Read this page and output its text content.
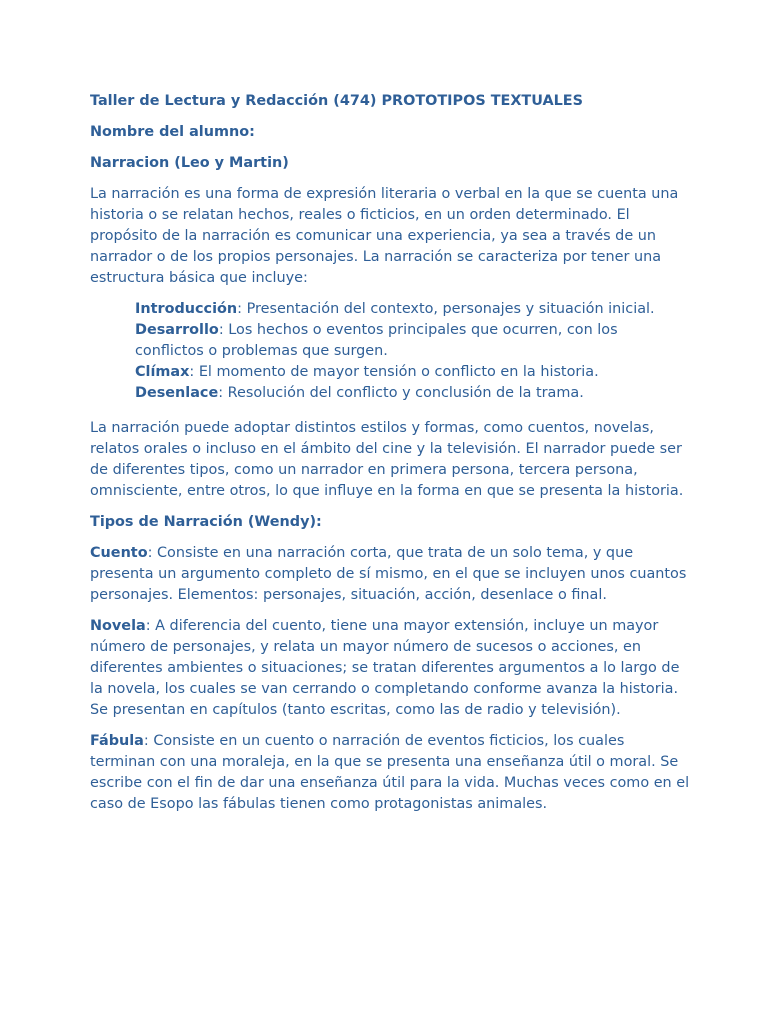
Taller de Lectura y Redacción (474) PROTOTIPOS TEXTUALES
Nombre del alumno:
Narracion (Leo y Martin)

La narración es una forma de expresión literaria o verbal en la que se cuenta una historia o se relatan hechos, reales o ficticios, en un orden determinado. El propósito de la narración es comunicar una experiencia, ya sea a través de un narrador o de los propios personajes. La narración se caracteriza por tener una estructura básica que incluye:

Introducción: Presentación del contexto, personajes y situación inicial.
Desarrollo: Los hechos o eventos principales que ocurren, con los conflictos o problemas que surgen.
Clímax: El momento de mayor tensión o conflicto en la historia.
Desenlace: Resolución del conflicto y conclusión de la trama.

La narración puede adoptar distintos estilos y formas, como cuentos, novelas, relatos orales o incluso en el ámbito del cine y la televisión. El narrador puede ser de diferentes tipos, como un narrador en primera persona, tercera persona, omnisciente, entre otros, lo que influye en la forma en que se presenta la historia.

Tipos de Narración (Wendy):

Cuento: Consiste en una narración corta, que trata de un solo tema, y que presenta un argumento completo de sí mismo, en el que se incluyen unos cuantos personajes. Elementos: personajes, situación, acción, desenlace o final.

Novela: A diferencia del cuento, tiene una mayor extensión, incluye un mayor número de personajes, y relata un mayor número de sucesos o acciones, en diferentes ambientes o situaciones; se tratan diferentes argumentos a lo largo de la novela, los cuales se van cerrando o completando conforme avanza la historia. Se presentan en capítulos (tanto escritas, como las de radio y televisión).

Fábula: Consiste en un cuento o narración de eventos ficticios, los cuales terminan con una moraleja, en la que se presenta una enseñanza útil o moral. Se escribe con el fin de dar una enseñanza útil para la vida. Muchas veces como en el caso de Esopo las fábulas tienen como protagonistas animales.
